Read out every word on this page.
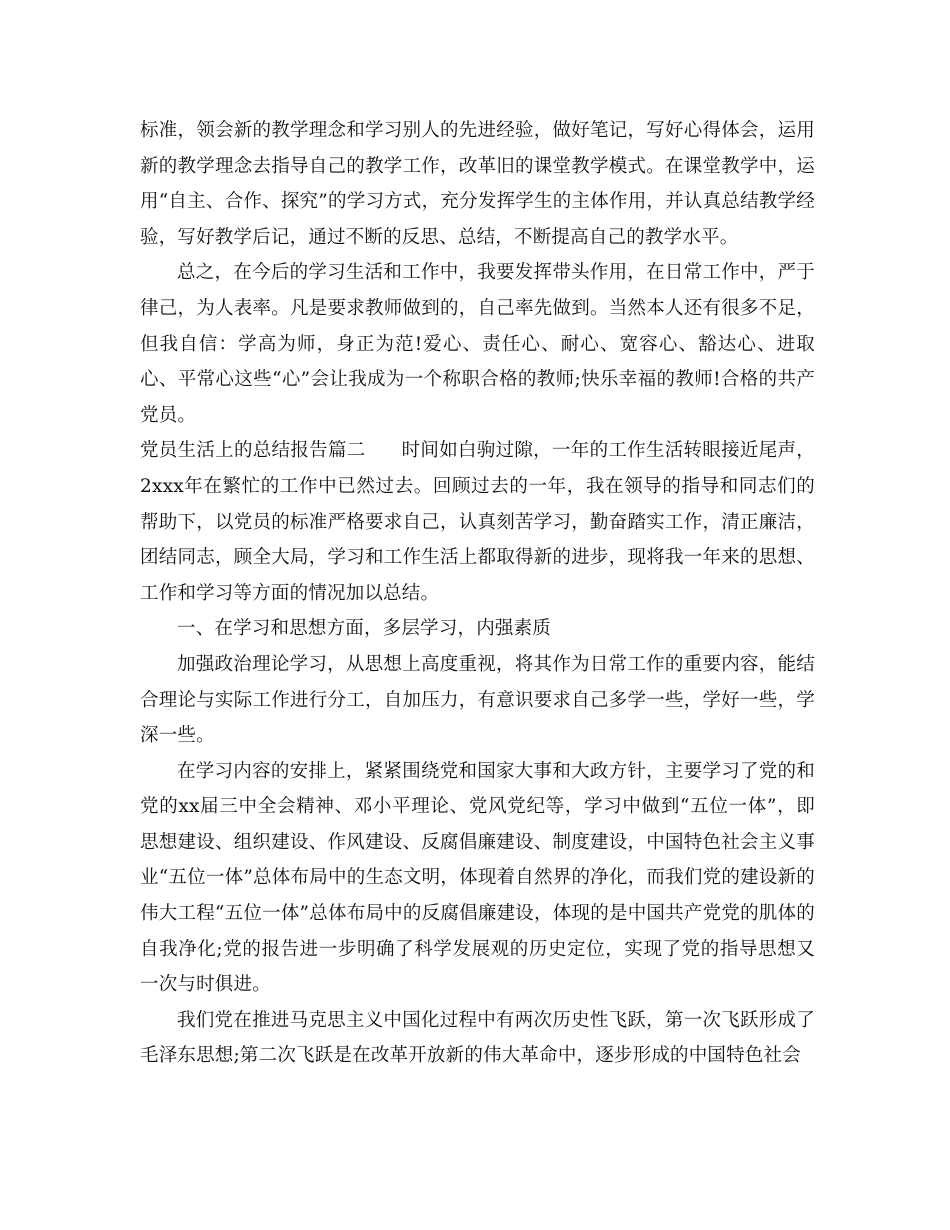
标准，领会新的教学理念和学习别人的先进经验，做好笔记，写好心得体会，运用新的教学理念去指导自己的教学工作，改革旧的课堂教学模式。在课堂教学中，运用“自主、合作、探究”的学习方式，充分发挥学生的主体作用，并认真总结教学经验，写好教学后记，通过不断的反思、总结，不断提高自己的教学水平。

总之，在今后的学习生活和工作中，我要发挥带头作用，在日常工作中，严于律己，为人表率。凡是要求教师做到的，自己率先做到。当然本人还有很多不足，但我自信：学高为师，身正为范!爱心、责任心、耐心、宽容心、豁达心、进取心、平常心这些“心”会让我成为一个称职合格的教师;快乐幸福的教师!合格的共产党员。

党员生活上的总结报告篇二 时间如白驹过隙，一年的工作生活转眼接近尾声，2xxx年在繁忙的工作中已然过去。回顾过去的一年，我在领导的指导和同志们的帮助下，以党员的标准严格要求自己，认真刻苦学习，勤奋踏实工作，清正廉洁，团结同志，顾全大局，学习和工作生活上都取得新的进步，现将我一年来的思想、工作和学习等方面的情况加以总结。

一、在学习和思想方面，多层学习，内强素质

加强政治理论学习，从思想上高度重视，将其作为日常工作的重要内容，能结合理论与实际工作进行分工，自加压力，有意识要求自己多学一些，学好一些，学深一些。

在学习内容的安排上，紧紧围绕党和国家大事和大政方针，主要学习了党的和党的xx届三中全会精神、邓小平理论、党风党纪等，学习中做到“五位一体”，即思想建设、组织建设、作风建设、反腐倡廉建设、制度建设，中国特色社会主义事业“五位一体”总体布局中的生态文明，体现着自然界的净化，而我们党的建设新的伟大工程“五位一体”总体布局中的反腐倡廉建设，体现的是中国共产党党的肌体的自我净化;党的报告进一步明确了科学发展观的历史定位，实现了党的指导思想又一次与时俱进。

我们党在推进马克思主义中国化过程中有两次历史性飞跃，第一次飞跃形成了毛泽东思想;第二次飞跃是在改革开放新的伟大革命中，逐步形成的中国特色社会
